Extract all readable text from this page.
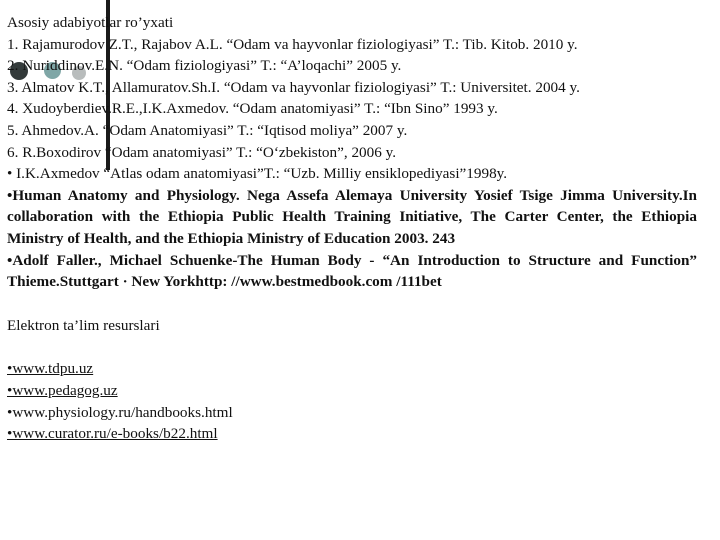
Asosiy adabiyotlar ro’yxati
1. Rajamurodov Z.T., Rajabov A.L. “Odam va hayvonlar fiziologiyasi” T.: Tib. Kitob. 2010 y.
2. Nuriddinov.E.N. “Odam fiziologiyasi” T.: “A’loqachi” 2005 y.
3. Almatov K.T., Allamuratov.Sh.I. “Odam va hayvonlar fiziologiyasi” T.: Universitet. 2004 y.
4. Xudoyberdiev.R.E.,I.K.Axmedov. “Odam anatomiyasi” T.: “Ibn Sino” 1993 y.
5. Ahmedov.A. “Odam Anatomiyasi” T.: “Iqtisod moliya” 2007 y.
6. R.Boxodirov “Odam anatomiyasi” T.: “O‘zbekiston”, 2006 y.
• I.K.Axmedov “Atlas odam anatomiyasi”T.: “Uzb. Milliy ensiklopediyasi”1998y.
•Human Anatomy and Physiology. Nega Assefa Alemaya University Yosief Tsige Jimma University.In collaboration with the Ethiopia Public Health Training Initiative, The Carter Center, the Ethiopia Ministry of Health, and the Ethiopia Ministry of Education 2003. 243
•Adolf Faller., Michael Schuenke-The Human Body - “An Introduction to Structure and Function” Thieme.Stuttgart · New Yorkhttp: //www.bestmedbook.com /111bet
Elektron ta’lim resurslari
•www.tdpu.uz
•www.pedagog.uz
•www.physiology.ru/handbooks.html
•www.curator.ru/e-books/b22.html
